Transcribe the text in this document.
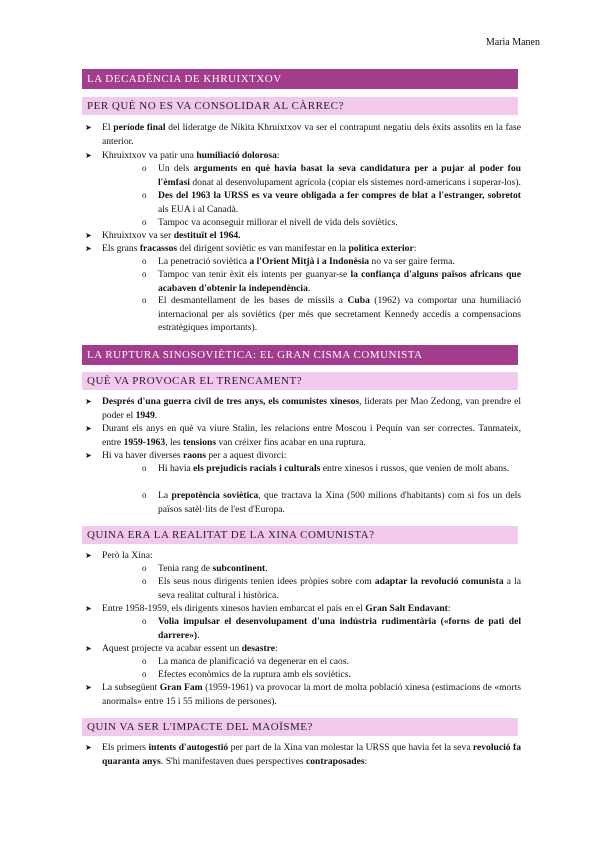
Maria Manen
LA DECADÈNCIA DE KHRUIXTXOV
PER QUÈ NO ES VA CONSOLIDAR AL CÀRREC?
➤ El període final del lideratge de Nikita Khruixtxov va ser el contrapunt negatiu dels èxits assolits en la fase anterior.
➤ Khruixtxov va patir una humiliació dolorosa:
o Un dels arguments en què havia basat la seva candidatura per a pujar al poder fou l'èmfasi donat al desenvolupament agrícola (copiar els sistemes nord-americans i superar-los).
o Des del 1963 la URSS es va veure obligada a fer compres de blat a l'estranger, sobretot als EUA i al Canadà.
o Tampoc va aconseguir millorar el nivell de vida dels soviètics.
➤ Khruixtxov va ser destituït el 1964.
➤ Els grans fracassos del dirigent soviètic es van manifestar en la política exterior:
o La penetració soviètica a l'Orient Mitjà i a Indonèsia no va ser gaire ferma.
o Tampoc van tenir èxit els intents per guanyar-se la confiança d'alguns països africans que acabaven d'obtenir la independència.
o El desmantellament de les bases de míssils a Cuba (1962) va comportar una humiliació internacional per als soviètics (per més que secretament Kennedy accedís a compensacions estratègiques importants).
LA RUPTURA SINOSOVIÈTICA: EL GRAN CISMA COMUNISTA
QUÈ VA PROVOCAR EL TRENCAMENT?
➤ Després d'una guerra civil de tres anys, els comunistes xinesos, liderats per Mao Zedong, van prendre el poder el 1949.
➤ Durant els anys en què va viure Stalin, les relacions entre Moscou i Pequín van ser correctes. Tanmateix, entre 1959-1963, les tensions van créixer fins acabar en una ruptura.
➤ Hi va haver diverses raons per a aquest divorci:
o Hi havia els prejudicis racials i culturals entre xinesos i russos, que venien de molt abans.
o La prepotència soviètica, que tractava la Xina (500 milions d'habitants) com si fos un dels països satèl·lits de l'est d'Europa.
QUINA ERA LA REALITAT DE LA XINA COMUNISTA?
➤ Però la Xina:
o Tenia rang de subcontinent.
o Els seus nous dirigents tenien idees pròpies sobre com adaptar la revolució comunista a la seva realitat cultural i històrica.
➤ Entre 1958-1959, els dirigents xinesos havien embarcat el país en el Gran Salt Endavant:
o Volia impulsar el desenvolupament d'una indústria rudimentària («forns de pati del darrere»).
➤ Aquest projecte va acabar essent un desastre:
o La manca de planificació va degenerar en el caos.
o Efectes econòmics de la ruptura amb els soviètics.
➤ La subsegüent Gran Fam (1959-1961) va provocar la mort de molta població xinesa (estimacions de «morts anormals» entre 15 i 55 milions de persones).
QUIN VA SER L'IMPACTE DEL MAOÏSME?
➤ Els primers intents d'autogestió per part de la Xina van molestar la URSS que havia fet la seva revolució fa quaranta anys. S'hi manifestaven dues perspectives contraposades:
